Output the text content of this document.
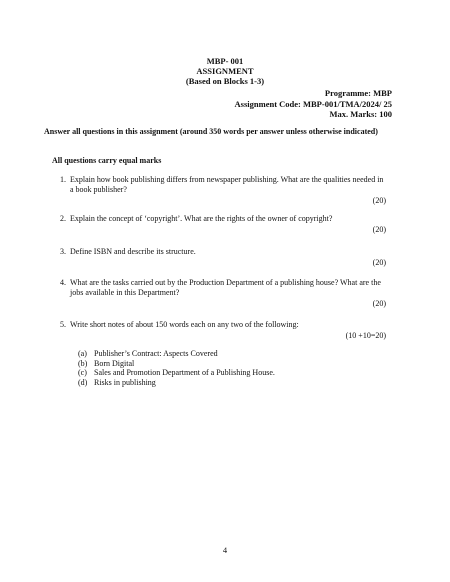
MBP- 001
ASSIGNMENT
(Based on Blocks 1-3)
Programme: MBP
Assignment Code: MBP-001/TMA/2024/ 25
Max. Marks: 100
Answer all questions in this assignment (around 350 words per answer unless otherwise indicated)
All questions carry equal marks
1. Explain how book publishing differs from newspaper publishing. What are the qualities needed in a book publisher?
(20)
2. Explain the concept of ‘copyright’. What are the rights of the owner of copyright?
(20)
3. Define ISBN and describe its structure.
(20)
4. What are the tasks carried out by the Production Department of a publishing house? What are the jobs available in this Department?
(20)
5. Write short notes of about 150 words each on any two of the following:
(10 +10=20)
(a) Publisher’s Contract: Aspects Covered
(b) Born Digital
(c) Sales and Promotion Department of a Publishing House.
(d) Risks in publishing
4
